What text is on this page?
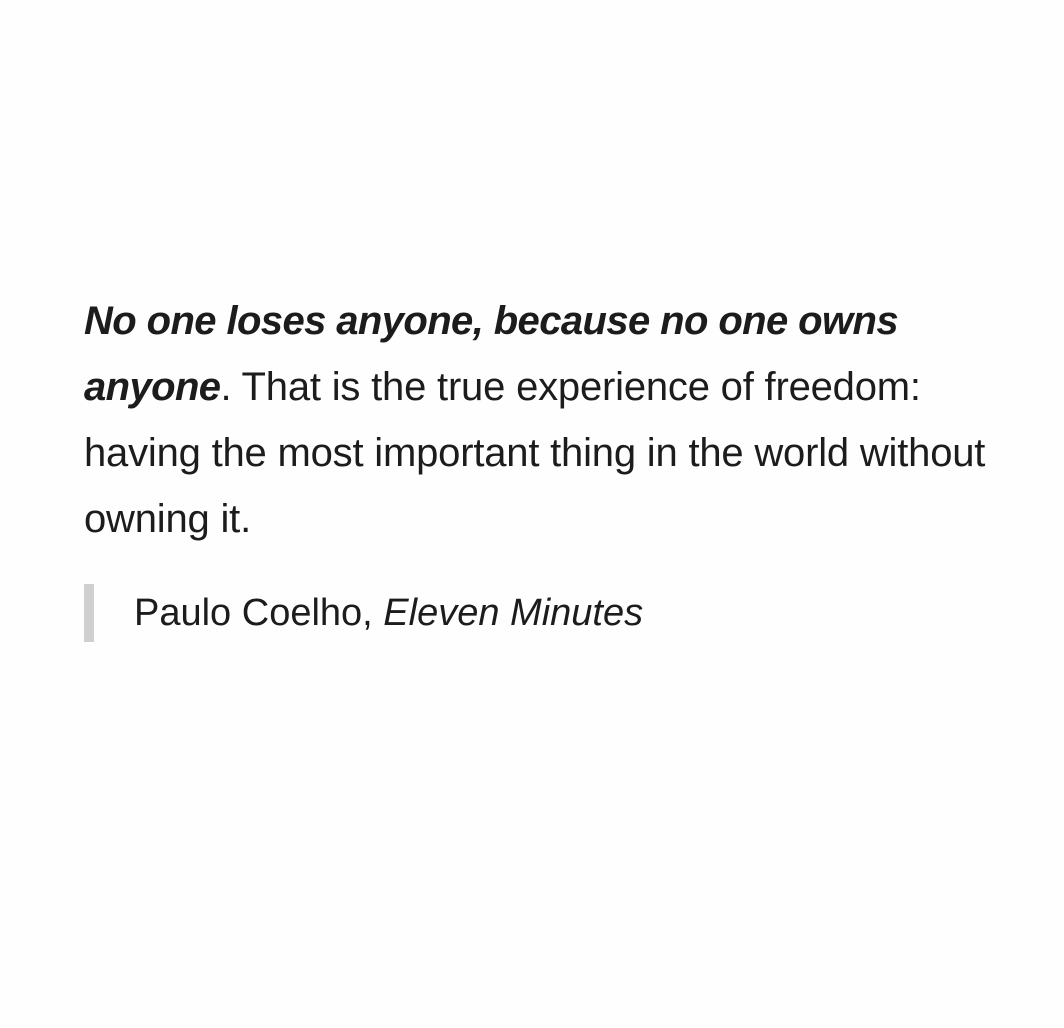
No one loses anyone, because no one owns anyone. That is the true experience of freedom: having the most important thing in the world without owning it.

Paulo Coelho, Eleven Minutes
